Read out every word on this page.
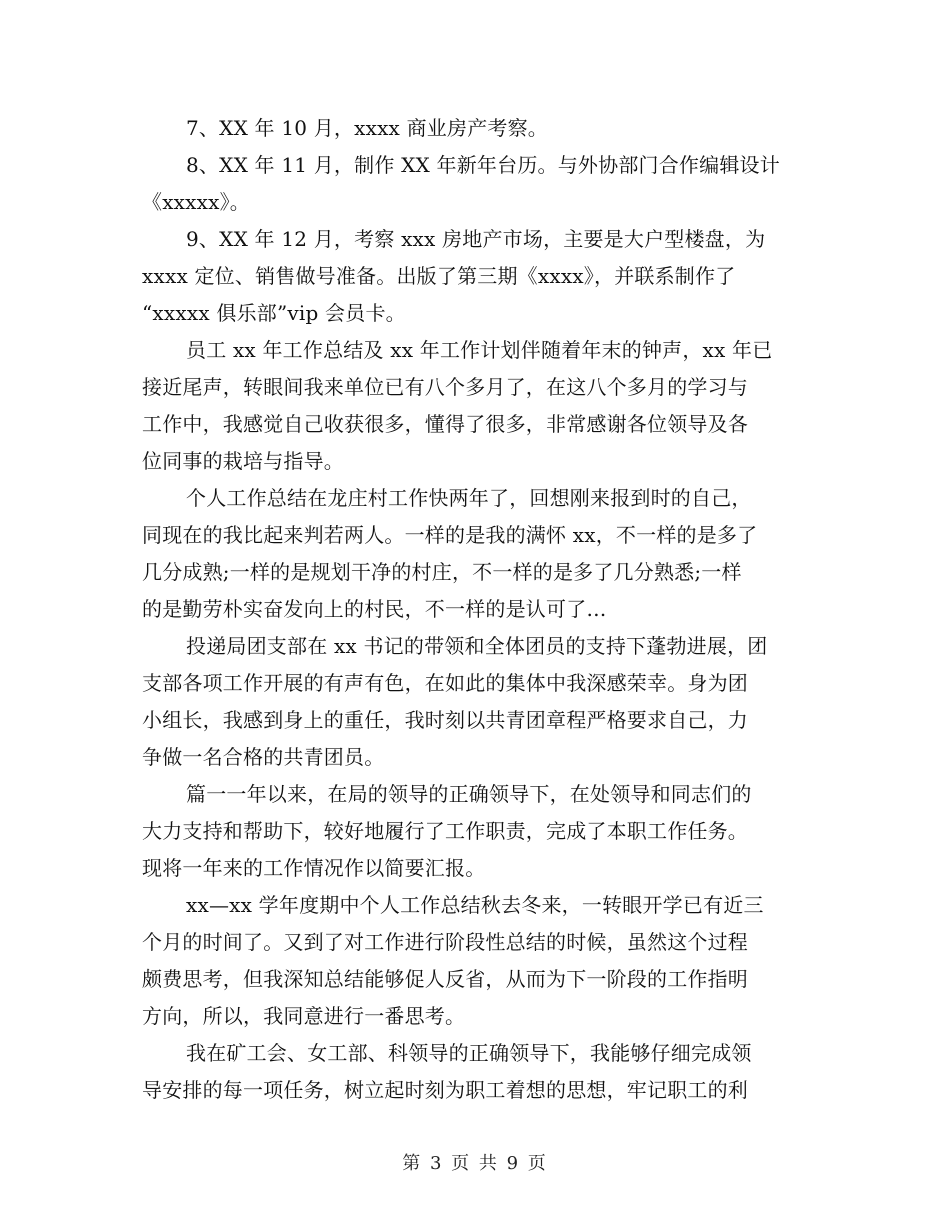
7、XX 年 10 月，xxxx 商业房产考察。
8、XX 年 11 月，制作 XX 年新年台历。与外协部门合作编辑设计
《xxxxx》。
9、XX 年 12 月，考察 xxx 房地产市场，主要是大户型楼盘，为
xxxx 定位、销售做号准备。出版了第三期《xxxx》，并联系制作了
“xxxxx 俱乐部”vip 会员卡。
员工 xx 年工作总结及 xx 年工作计划伴随着年末的钟声，xx 年已
接近尾声，转眼间我来单位已有八个多月了，在这八个多月的学习与
工作中，我感觉自己收获很多，懂得了很多，非常感谢各位领导及各
位同事的栽培与指导。
个人工作总结在龙庄村工作快两年了，回想刚来报到时的自己，
同现在的我比起来判若两人。一样的是我的满怀 xx，不一样的是多了
几分成熟;一样的是规划干净的村庄，不一样的是多了几分熟悉;一样
的是勤劳朴实奋发向上的村民，不一样的是认可了…
投递局团支部在 xx 书记的带领和全体团员的支持下蓬勃进展，团
支部各项工作开展的有声有色，在如此的集体中我深感荣幸。身为团
小组长，我感到身上的重任，我时刻以共青团章程严格要求自己，力
争做一名合格的共青团员。
篇一一年以来，在局的领导的正确领导下，在处领导和同志们的
大力支持和帮助下，较好地履行了工作职责，完成了本职工作任务。
现将一年来的工作情况作以简要汇报。
xx—xx 学年度期中个人工作总结秋去冬来，一转眼开学已有近三
个月的时间了。又到了对工作进行阶段性总结的时候，虽然这个过程
颇费思考，但我深知总结能够促人反省，从而为下一阶段的工作指明
方向，所以，我同意进行一番思考。
我在矿工会、女工部、科领导的正确领导下，我能够仔细完成领
导安排的每一项任务，树立起时刻为职工着想的思想，牢记职工的利
第 3 页 共 9 页
